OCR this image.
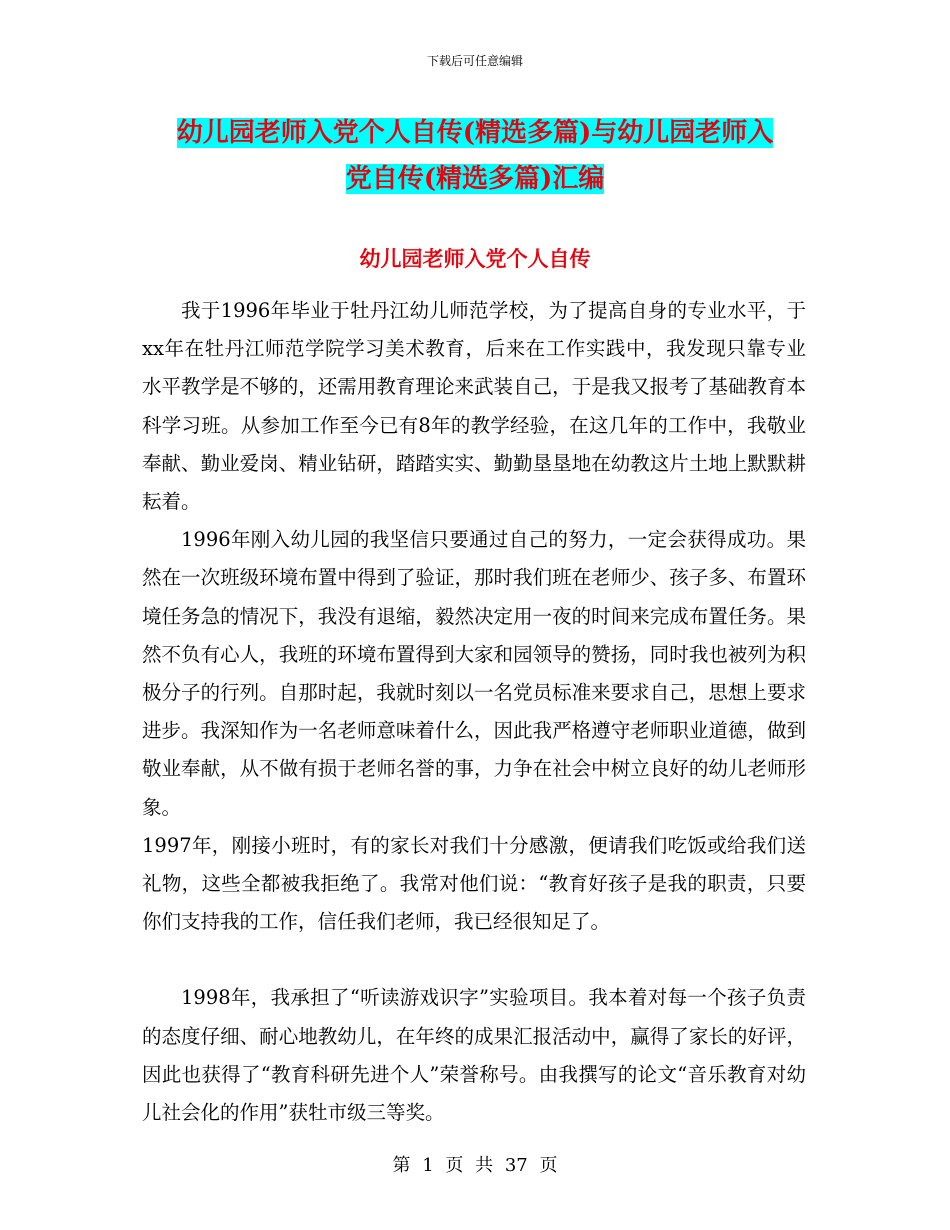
下载后可任意编辑
幼儿园老师入党个人自传(精选多篇)与幼儿园老师入
党自传(精选多篇)汇编
幼儿园老师入党个人自传

我于1996年毕业于牡丹江幼儿师范学校，为了提高自身的专业水平，于xx年在牡丹江师范学院学习美术教育，后来在工作实践中，我发现只靠专业水平教学是不够的，还需用教育理论来武装自己，于是我又报考了基础教育本科学习班。从参加工作至今已有8年的教学经验，在这几年的工作中，我敬业奉献、勤业爱岗、精业钻研，踏踏实实、勤勤垦垦地在幼教这片土地上默默耕耘着。

1996年刚入幼儿园的我坚信只要通过自己的努力，一定会获得成功。果然在一次班级环境布置中得到了验证，那时我们班在老师少、孩子多、布置环境任务急的情况下，我没有退缩，毅然决定用一夜的时间来完成布置任务。果然不负有心人，我班的环境布置得到大家和园领导的赞扬，同时我也被列为积极分子的行列。自那时起，我就时刻以一名党员标准来要求自己，思想上要求进步。我深知作为一名老师意味着什么，因此我严格遵守老师职业道德，做到敬业奉献，从不做有损于老师名誉的事，力争在社会中树立良好的幼儿老师形象。

1997年，刚接小班时，有的家长对我们十分感激，便请我们吃饭或给我们送礼物，这些全都被我拒绝了。我常对他们说：“教育好孩子是我的职责，只要你们支持我的工作，信任我们老师，我已经很知足了。

1998年，我承担了“听读游戏识字”实验项目。我本着对每一个孩子负责的态度仔细、耐心地教幼儿，在年终的成果汇报活动中，赢得了家长的好评，因此也获得了“教育科研先进个人”荣誉称号。由我撰写的论文“音乐教育对幼儿社会化的作用”获牡市级三等奖。

第 1 页 共 37 页
